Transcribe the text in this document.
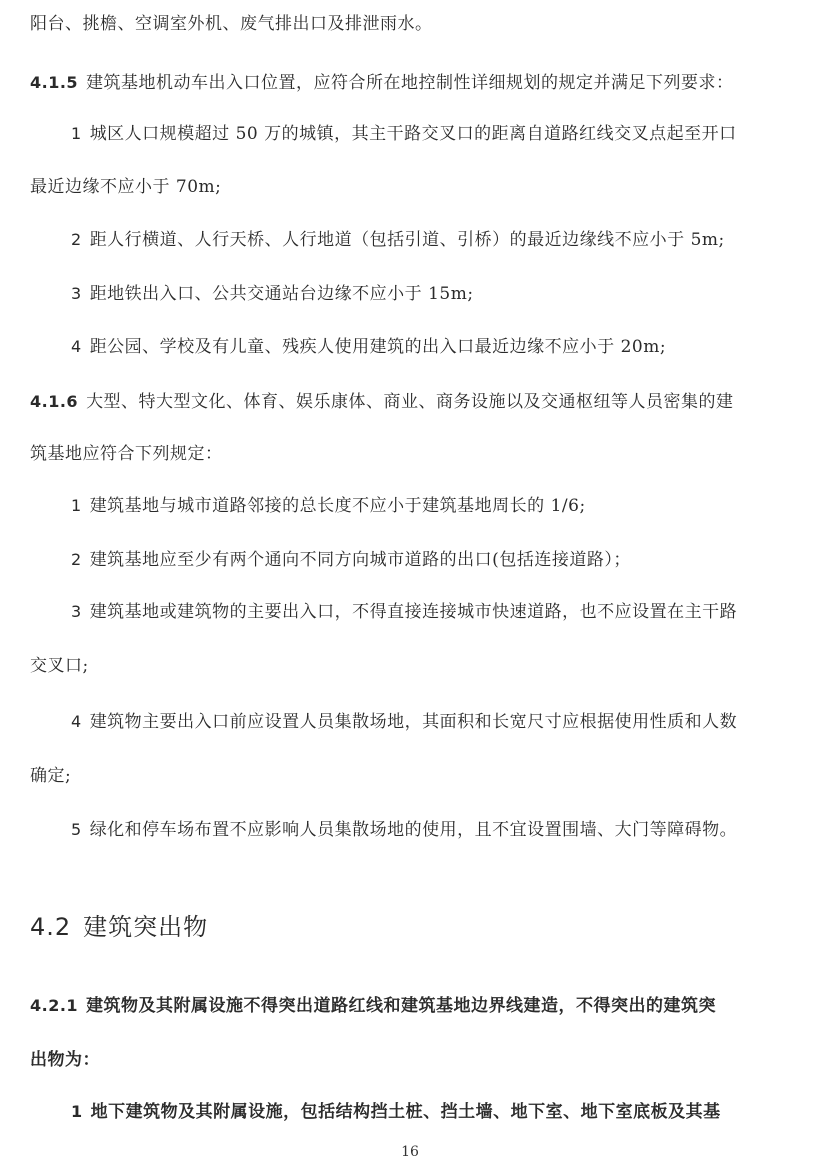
阳台、挑檐、空调室外机、废气排出口及排泄雨水。
4.1.5 建筑基地机动车出入口位置，应符合所在地控制性详细规划的规定并满足下列要求：
1 城区人口规模超过 50 万的城镇，其主干路交叉口的距离自道路红线交叉点起至开口
最近边缘不应小于 70m;
2 距人行横道、人行天桥、人行地道（包括引道、引桥）的最近边缘线不应小于 5m;
3 距地铁出入口、公共交通站台边缘不应小于 15m;
4 距公园、学校及有儿童、残疾人使用建筑的出入口最近边缘不应小于 20m;
4.1.6 大型、特大型文化、体育、娱乐康体、商业、商务设施以及交通枢纽等人员密集的建
筑基地应符合下列规定：
1 建筑基地与城市道路邻接的总长度不应小于建筑基地周长的 1/6;
2 建筑基地应至少有两个通向不同方向城市道路的出口(包括连接道路）；
3 建筑基地或建筑物的主要出入口，不得直接连接城市快速道路，也不应设置在主干路
交叉口;
4 建筑物主要出入口前应设置人员集散场地，其面积和长宽尺寸应根据使用性质和人数
确定;
5 绿化和停车场布置不应影响人员集散场地的使用，且不宜设置围墙、大门等障碍物。
4.2 建筑突出物
4.2.1 建筑物及其附属设施不得突出道路红线和建筑基地边界线建造，不得突出的建筑突
出物为：
1 地下建筑物及其附属设施，包括结构挡土桩、挡土墙、地下室、地下室底板及其基
16
